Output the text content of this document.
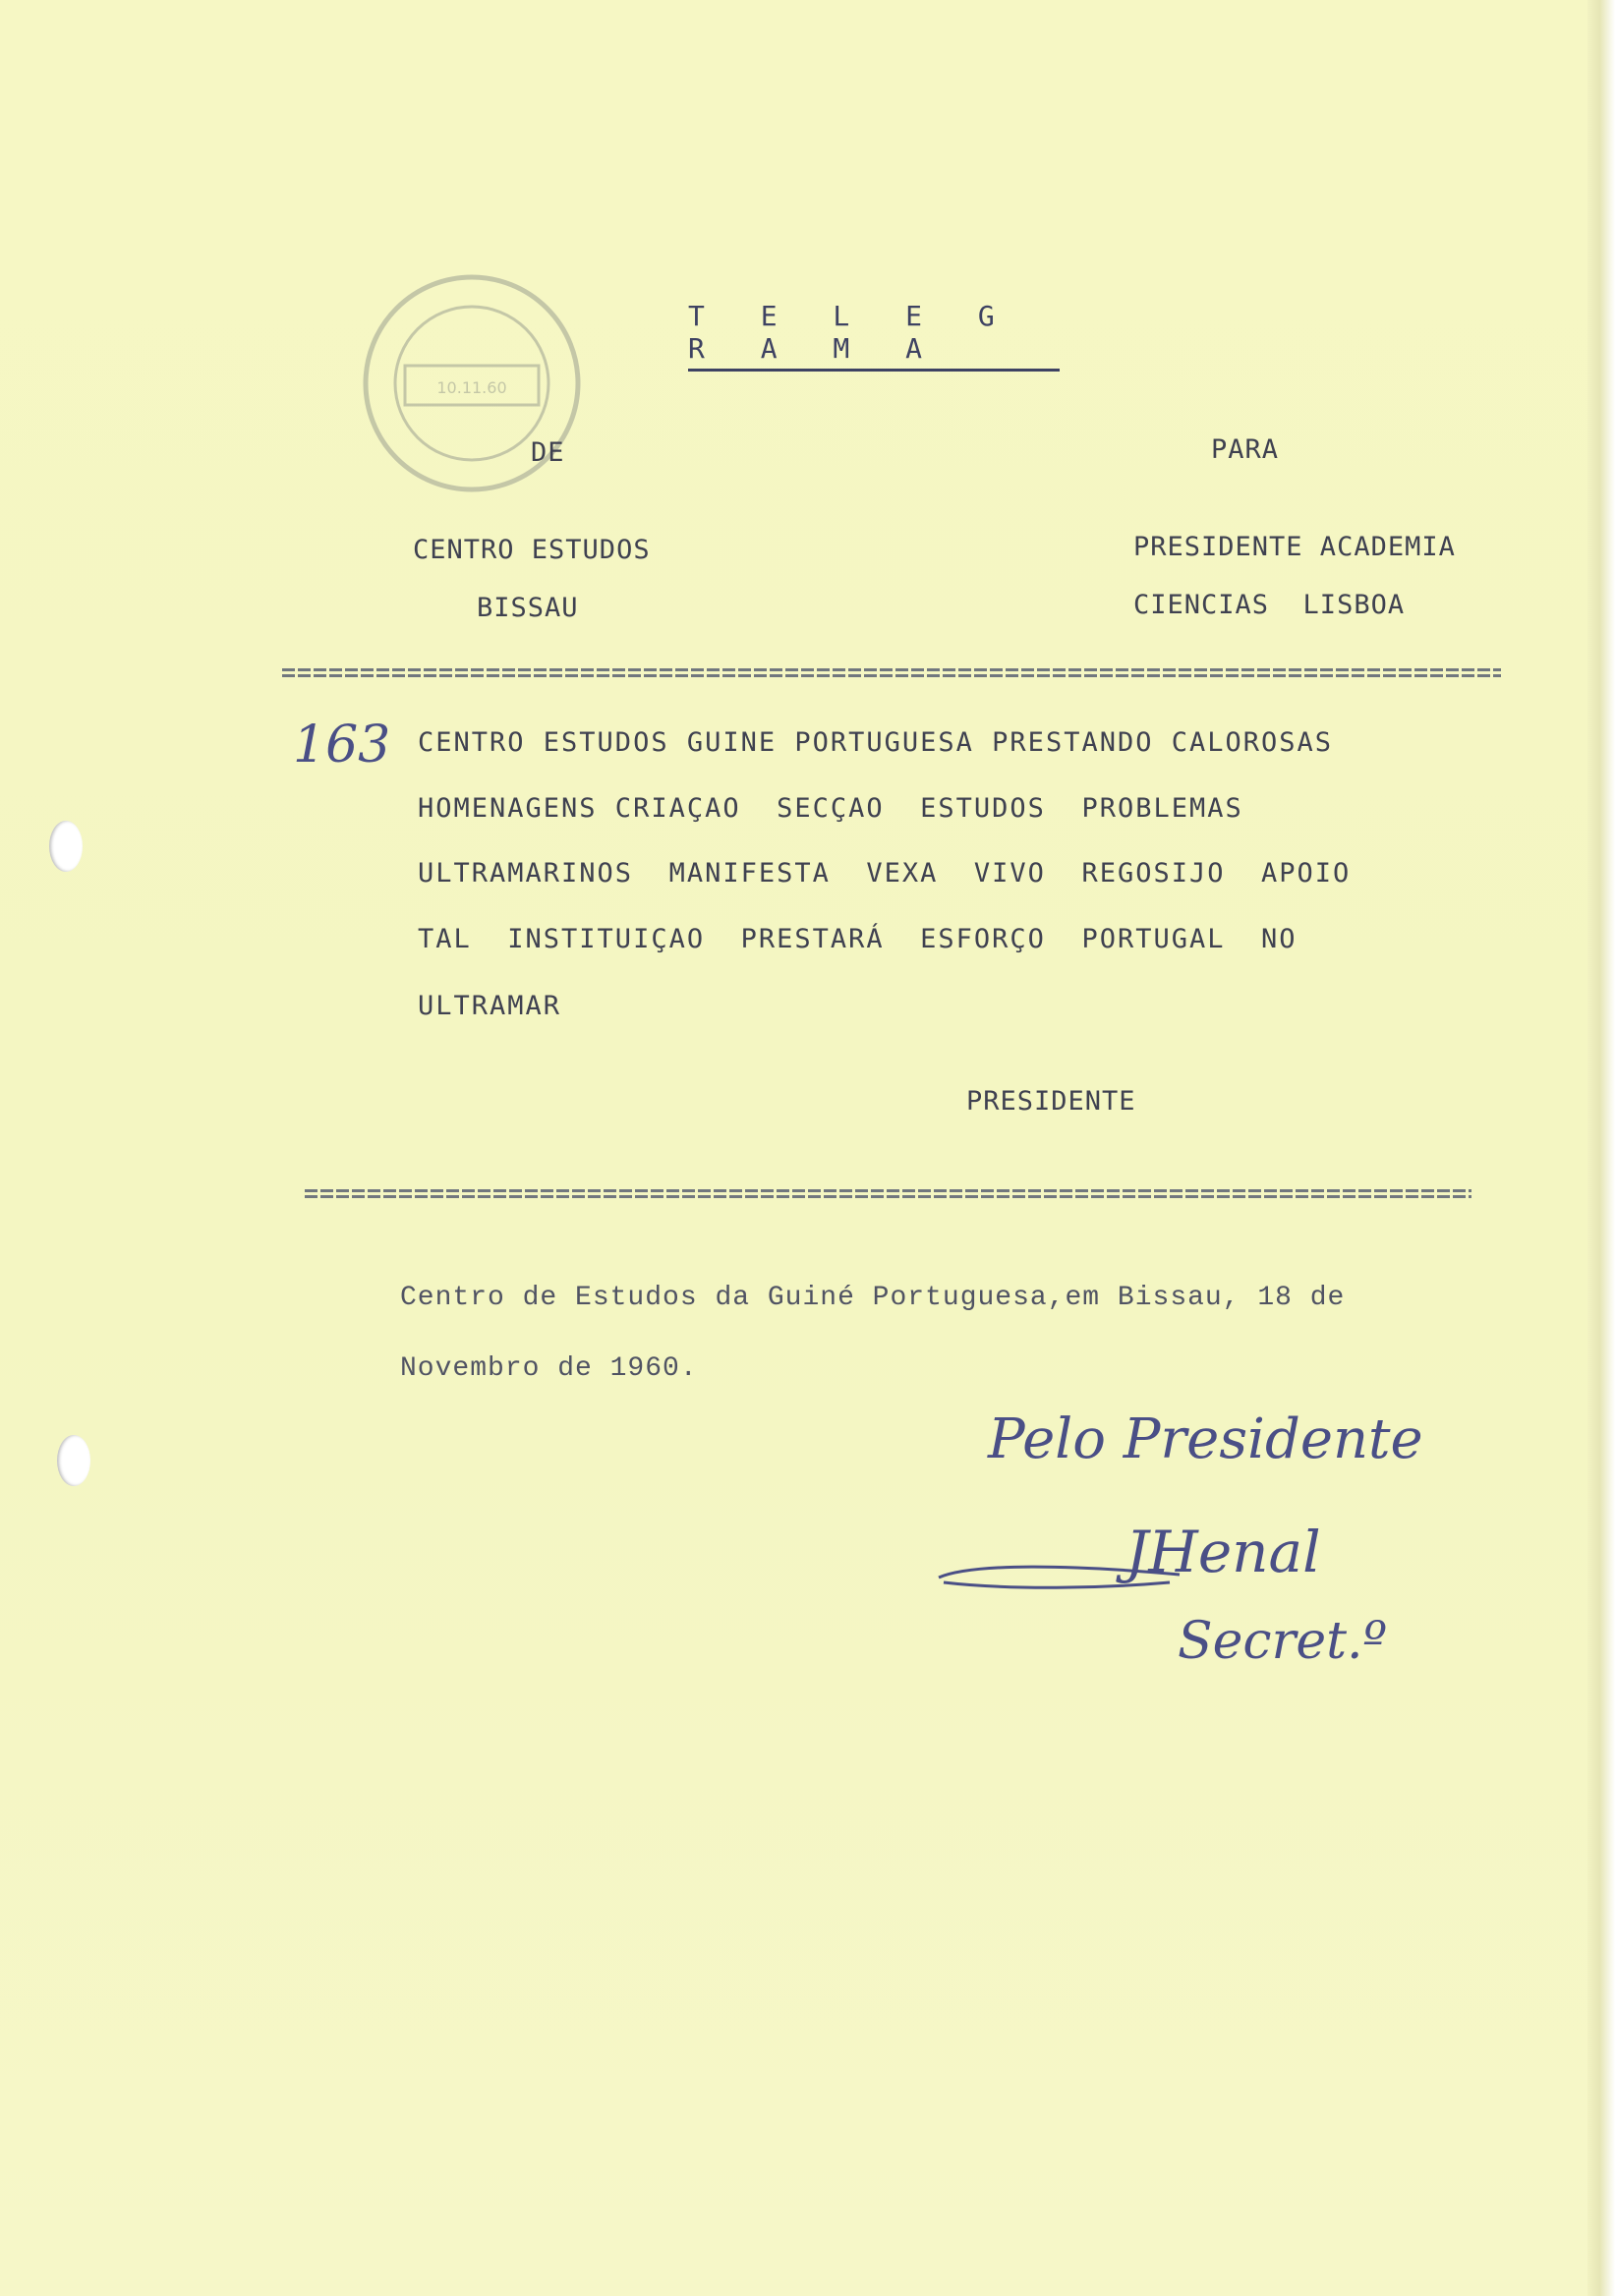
10.11.60
T E L E G R A M A
DE	PARA
CENTRO ESTUDOS
BISSAU
PRESIDENTE ACADEMIA
CIENCIAS  LISBOA
163 CENTRO ESTUDOS GUINE PORTUGUESA PRESTANDO CALOROSAS
HOMENAGENS CRIAÇAO  SECÇAO  ESTUDOS  PROBLEMAS
ULTRAMARINOS  MANIFESTA  VEXA  VIVO  REGOSIJO  APOIO
TAL  INSTITUIÇAO  PRESTARÁ  ESFORÇO  PORTUGAL  NO
ULTRAMAR
PRESIDENTE
Centro de Estudos da Guiné Portuguesa,em Bissau, 18 de
Novembro de 1960.
Pelo Presidente
JHenal
Secret.º
